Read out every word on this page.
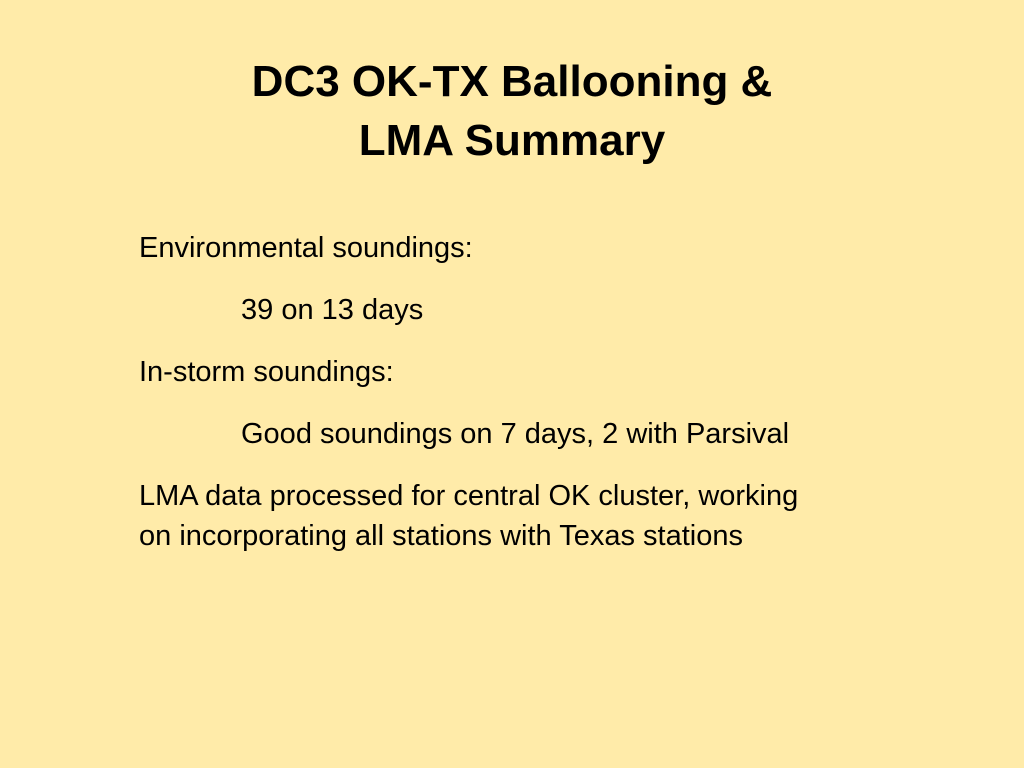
DC3 OK-TX Ballooning &
LMA Summary

Environmental soundings:

39 on 13 days

In-storm soundings:

Good soundings on 7 days, 2 with Parsival

LMA data processed for central OK cluster, working

on incorporating all stations with Texas stations
